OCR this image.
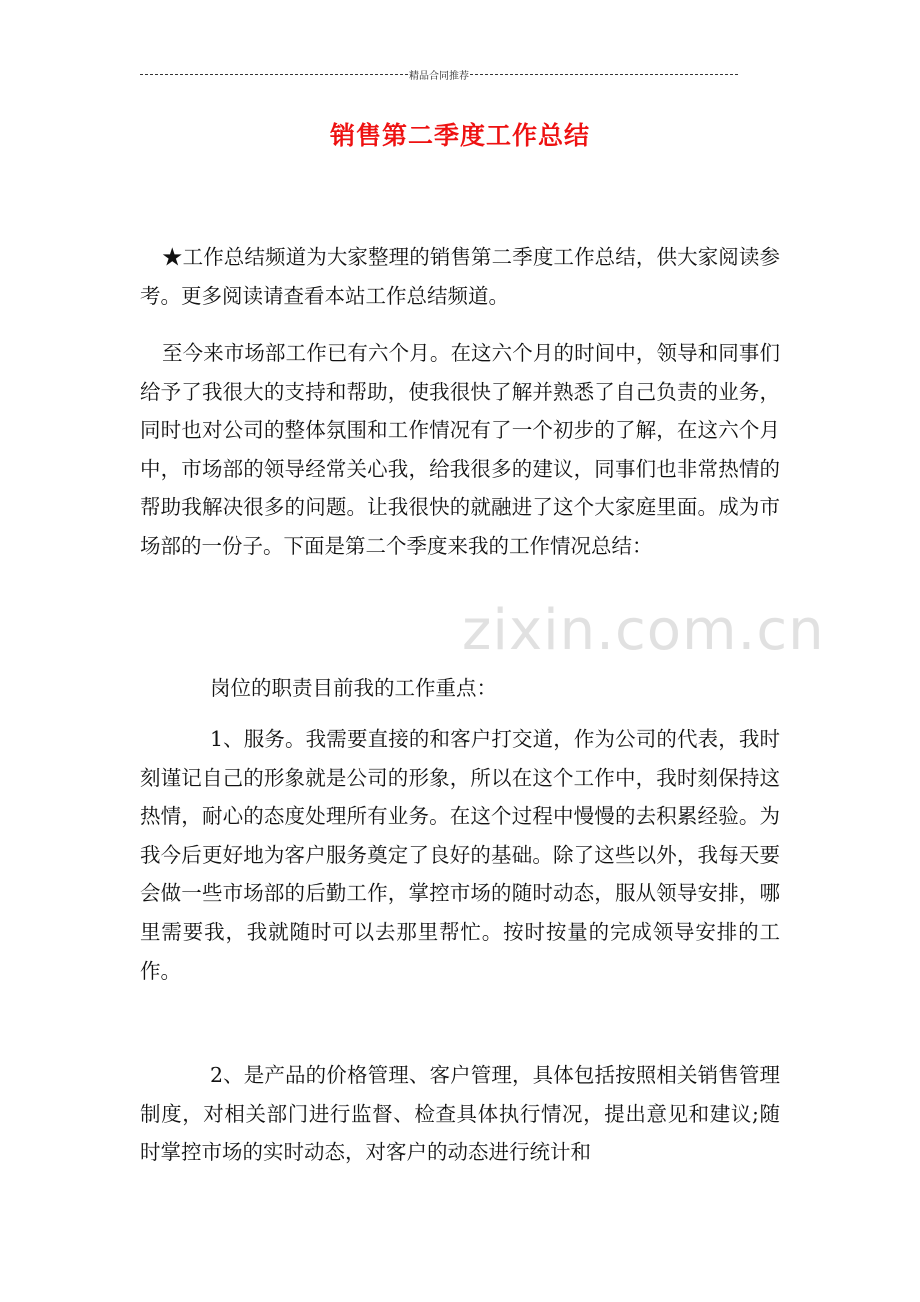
精品合同推荐
销售第二季度工作总结

★工作总结频道为大家整理的销售第二季度工作总结，供大家阅读参考。更多阅读请查看本站工作总结频道。

至今来市场部工作已有六个月。在这六个月的时间中，领导和同事们给予了我很大的支持和帮助，使我很快了解并熟悉了自己负责的业务，同时也对公司的整体氛围和工作情况有了一个初步的了解，在这六个月中，市场部的领导经常关心我，给我很多的建议，同事们也非常热情的帮助我解决很多的问题。让我很快的就融进了这个大家庭里面。成为市场部的一份子。下面是第二个季度来我的工作情况总结：

岗位的职责目前我的工作重点：

1、服务。我需要直接的和客户打交道，作为公司的代表，我时刻谨记自己的形象就是公司的形象，所以在这个工作中，我时刻保持这热情，耐心的态度处理所有业务。在这个过程中慢慢的去积累经验。为我今后更好地为客户服务奠定了良好的基础。除了这些以外，我每天要会做一些市场部的后勤工作，掌控市场的随时动态，服从领导安排，哪里需要我，我就随时可以去那里帮忙。按时按量的完成领导安排的工作。

2、是产品的价格管理、客户管理，具体包括按照相关销售管理制度，对相关部门进行监督、检查具体执行情况，提出意见和建议;随时掌控市场的实时动态，对客户的动态进行统计和

zixin.com.cn
